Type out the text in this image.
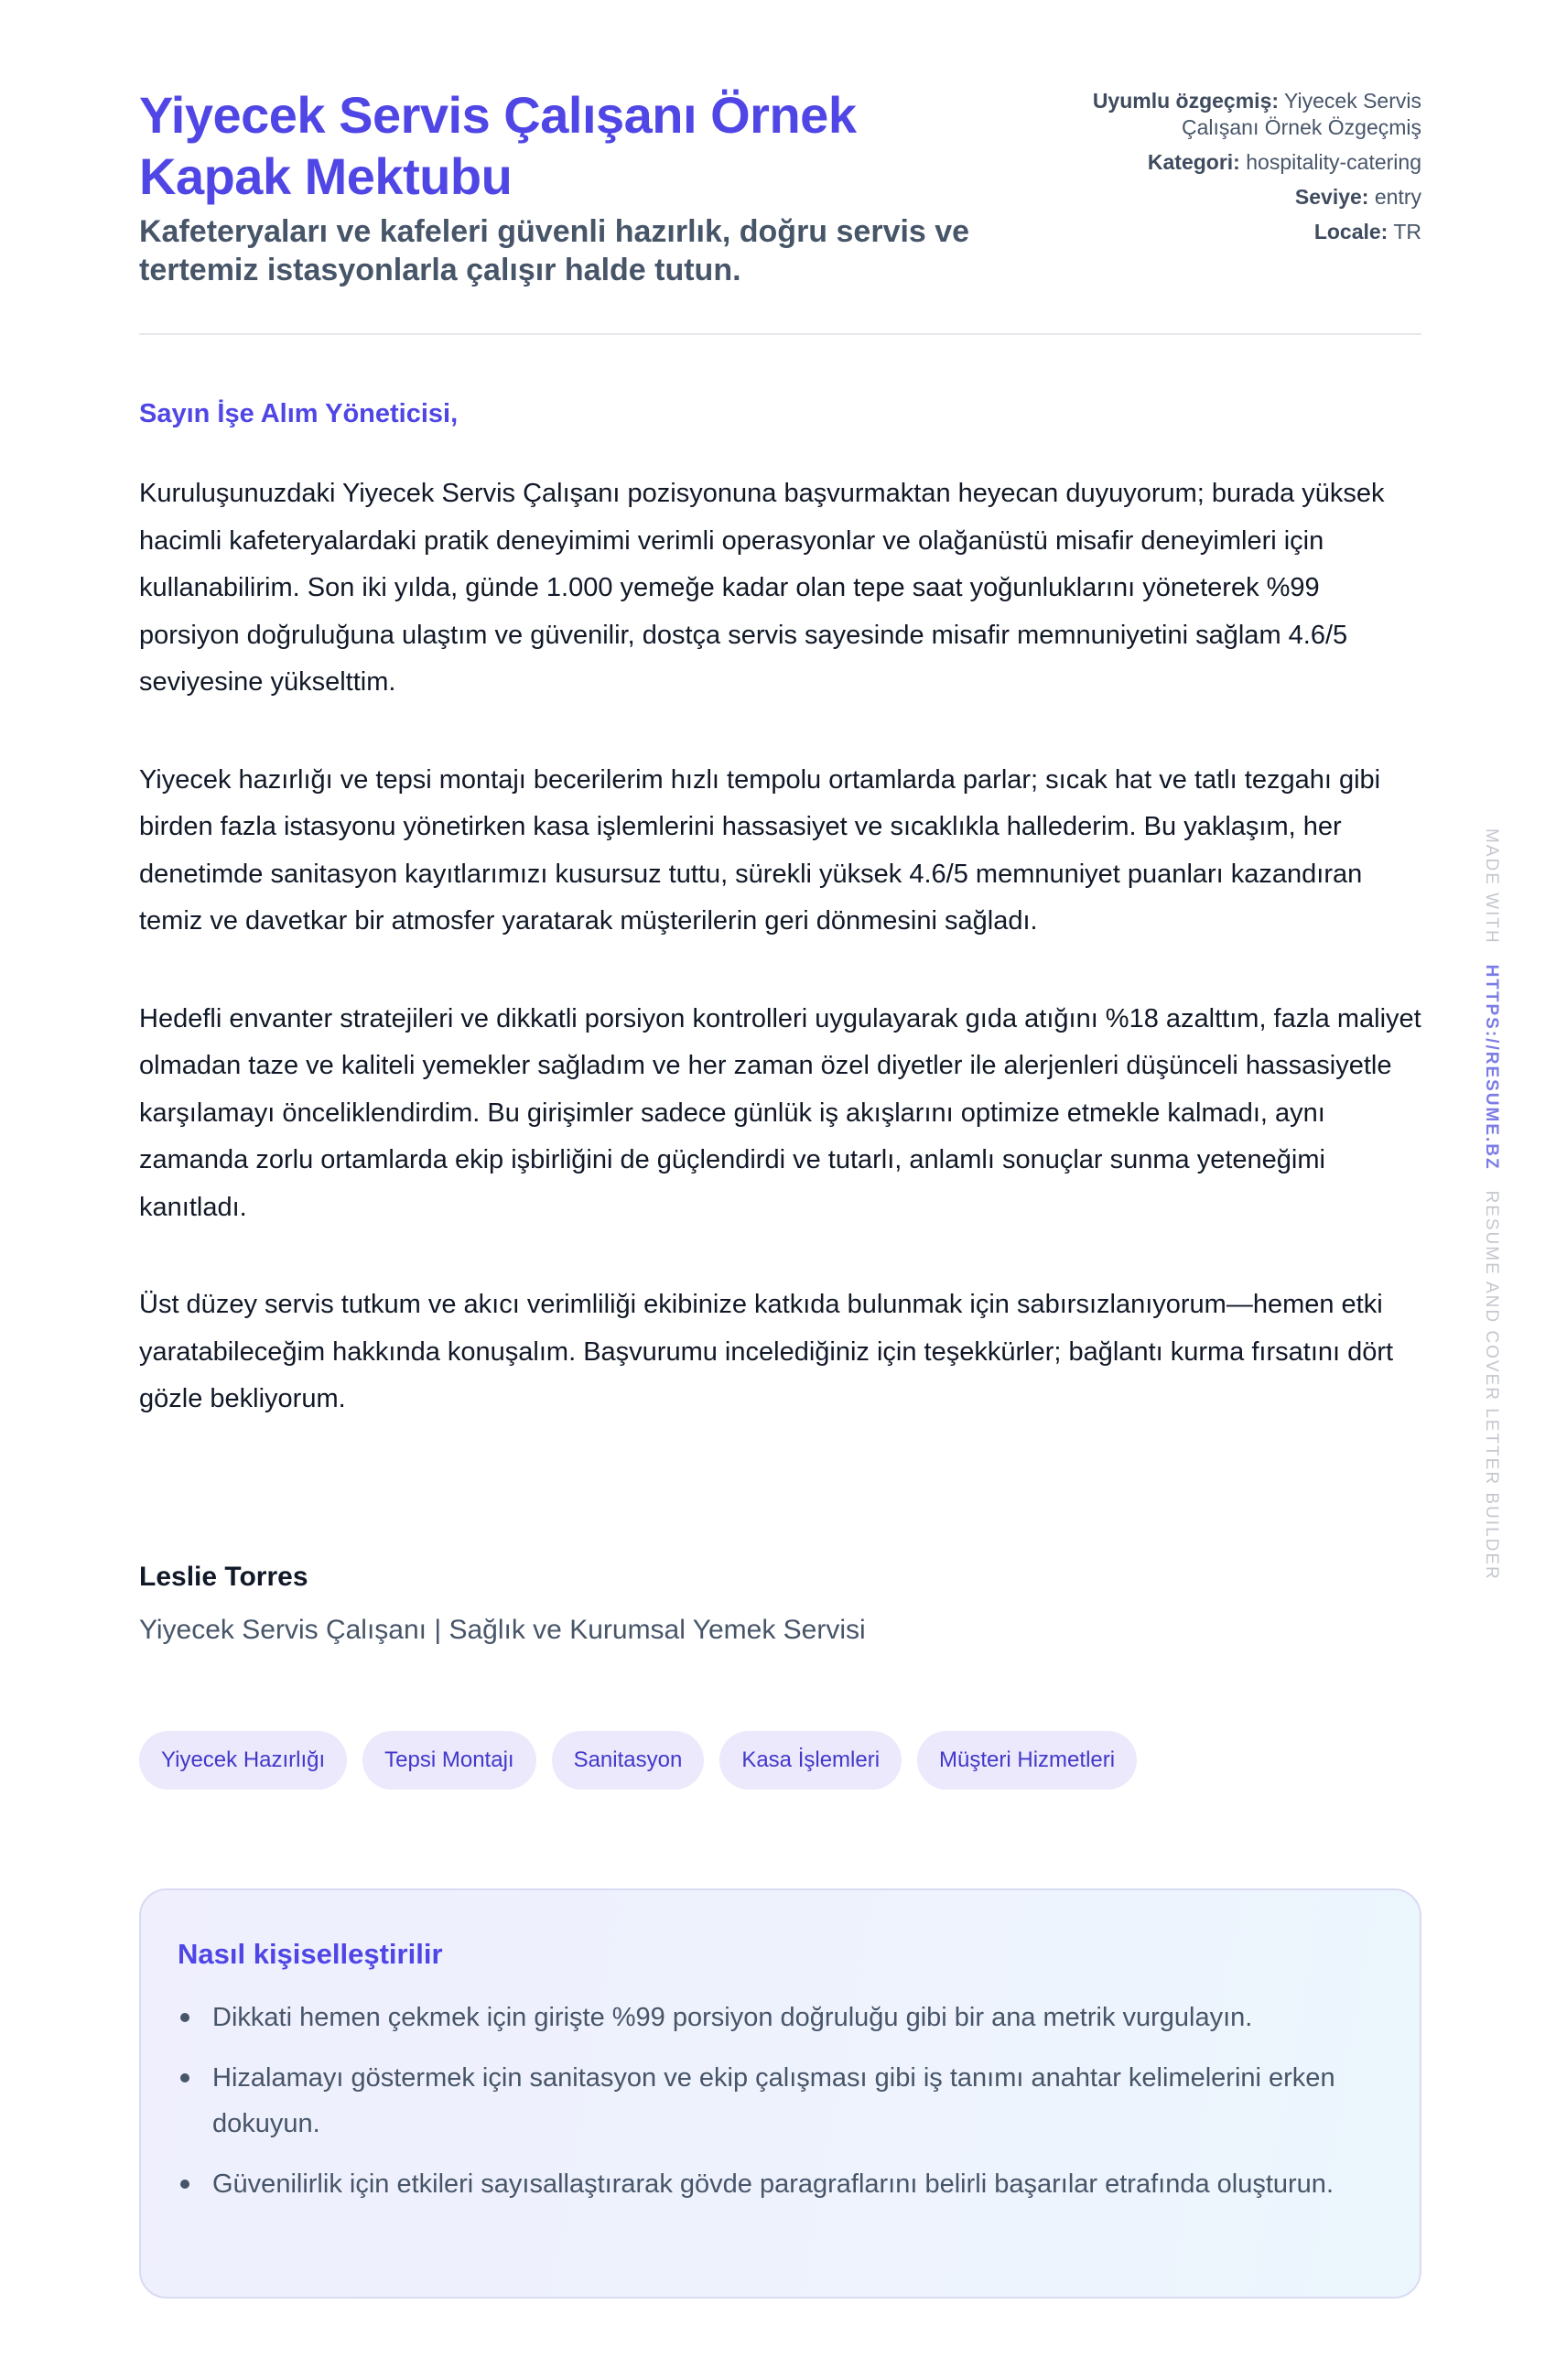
Yiyecek Servis Çalışanı Örnek Kapak Mektubu

Kafeteryaları ve kafeleri güvenli hazırlık, doğru servis ve tertemiz istasyonlarla çalışır halde tutun.

Uyumlu özgeçmiş: Yiyecek Servis Çalışanı Örnek Özgeçmiş
Kategori: hospitality-catering
Seviye: entry
Locale: TR

Sayın İşe Alım Yöneticisi,

Kuruluşunuzdaki Yiyecek Servis Çalışanı pozisyonuna başvurmaktan heyecan duyuyorum; burada yüksek hacimli kafeteryalardaki pratik deneyimimi verimli operasyonlar ve olağanüstü misafir deneyimleri için kullanabilirim. Son iki yılda, günde 1.000 yemeğe kadar olan tepe saat yoğunluklarını yöneterek %99 porsiyon doğruluğuna ulaştım ve güvenilir, dostça servis sayesinde misafir memnuniyetini sağlam 4.6/5 seviyesine yükselttim.

Yiyecek hazırlığı ve tepsi montajı becerilerim hızlı tempolu ortamlarda parlar; sıcak hat ve tatlı tezgahı gibi birden fazla istasyonu yönetirken kasa işlemlerini hassasiyet ve sıcaklıkla hallederim. Bu yaklaşım, her denetimde sanitasyon kayıtlarımızı kusursuz tuttu, sürekli yüksek 4.6/5 memnuniyet puanları kazandıran temiz ve davetkar bir atmosfer yaratarak müşterilerin geri dönmesini sağladı.

Hedefli envanter stratejileri ve dikkatli porsiyon kontrolleri uygulayarak gıda atığını %18 azalttım, fazla maliyet olmadan taze ve kaliteli yemekler sağladım ve her zaman özel diyetler ile alerjenleri düşünceli hassasiyetle karşılamayı önceliklendirdim. Bu girişimler sadece günlük iş akışlarını optimize etmekle kalmadı, aynı zamanda zorlu ortamlarda ekip işbirliğini de güçlendirdi ve tutarlı, anlamlı sonuçlar sunma yeteneğimi kanıtladı.

Üst düzey servis tutkum ve akıcı verimliliği ekibinize katkıda bulunmak için sabırsızlanıyorum—hemen etki yaratabileceğim hakkında konuşalım. Başvurumu incelediğiniz için teşekkürler; bağlantı kurma fırsatını dört gözle bekliyorum.

Leslie Torres

Yiyecek Servis Çalışanı | Sağlık ve Kurumsal Yemek Servisi

Yiyecek Hazırlığı	Tepsi Montajı	Sanitasyon	Kasa İşlemleri	Müşteri Hizmetleri
Nasıl kişiselleştirilir
Dikkati hemen çekmek için girişte %99 porsiyon doğruluğu gibi bir ana metrik vurgulayın.
Hizalamayı göstermek için sanitasyon ve ekip çalışması gibi iş tanımı anahtar kelimelerini erken dokuyun.
Güvenilirlik için etkileri sayısallaştırarak gövde paragraflarını belirli başarılar etrafında oluşturun.
MADE WITH   HTTPS://RESUME.BZ   RESUME AND COVER LETTER BUILDER
